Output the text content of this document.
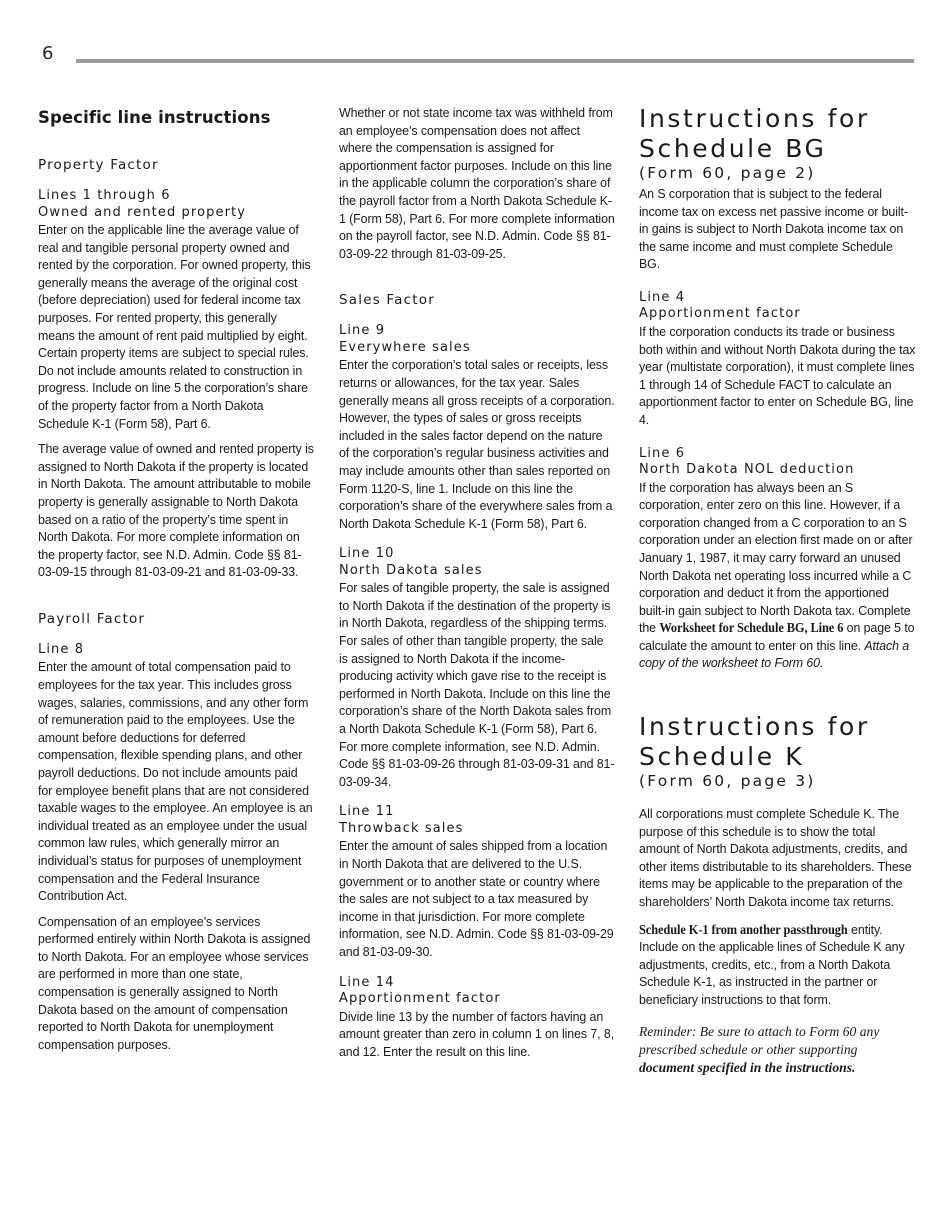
6
Specific line instructions

Property Factor

Lines 1 through 6

Owned and rented property

Enter on the applicable line the average value of real and tangible personal property owned and rented by the corporation. For owned property, this generally means the average of the original cost (before depreciation) used for federal income tax purposes. For rented property, this generally means the amount of rent paid multiplied by eight. Certain property items are subject to special rules. Do not include amounts related to construction in progress. Include on line 5 the corporation’s share of the property factor from a North Dakota Schedule K-1 (Form 58), Part 6.

The average value of owned and rented property is assigned to North Dakota if the property is located in North Dakota. The amount attributable to mobile property is generally assignable to North Dakota based on a ratio of the property’s time spent in North Dakota. For more complete information on the property factor, see N.D. Admin. Code §§ 81-03-09-15 through 81-03-09-21 and 81-03-09-33.

Payroll Factor

Line 8

Enter the amount of total compensation paid to employees for the tax year. This includes gross wages, salaries, commissions, and any other form of remuneration paid to the employees. Use the amount before deductions for deferred compensation, flexible spending plans, and other payroll deductions. Do not include amounts paid for employee benefit plans that are not considered taxable wages to the employee. An employee is an individual treated as an employee under the usual common law rules, which generally mirror an individual’s status for purposes of unemployment compensation and the Federal Insurance Contribution Act.

Compensation of an employee’s services performed entirely within North Dakota is assigned to North Dakota. For an employee whose services are performed in more than one state, compensation is generally assigned to North Dakota based on the amount of compensation reported to North Dakota for unemployment compensation purposes.

Whether or not state income tax was withheld from an employee’s compensation does not affect where the compensation is assigned for apportionment factor purposes. Include on this line in the applicable column the corporation’s share of the payroll factor from a North Dakota Schedule K-1 (Form 58), Part 6. For more complete information on the payroll factor, see N.D. Admin. Code §§ 81-03-09-22 through 81-03-09-25.

Sales Factor

Line 9

Everywhere sales

Enter the corporation’s total sales or receipts, less returns or allowances, for the tax year. Sales generally means all gross receipts of a corporation. However, the types of sales or gross receipts included in the sales factor depend on the nature of the corporation’s regular business activities and may include amounts other than sales reported on Form 1120-S, line 1. Include on this line the corporation’s share of the everywhere sales from a North Dakota Schedule K-1 (Form 58), Part 6.

Line 10

North Dakota sales

For sales of tangible property, the sale is assigned to North Dakota if the destination of the property is in North Dakota, regardless of the shipping terms. For sales of other than tangible property, the sale is assigned to North Dakota if the income-producing activity which gave rise to the receipt is performed in North Dakota. Include on this line the corporation’s share of the North Dakota sales from a North Dakota Schedule K-1 (Form 58), Part 6. For more complete information, see N.D. Admin. Code §§ 81-03-09-26 through 81-03-09-31 and 81-03-09-34.

Line 11

Throwback sales

Enter the amount of sales shipped from a location in North Dakota that are delivered to the U.S. government or to another state or country where the sales are not subject to a tax measured by income in that jurisdiction. For more complete information, see N.D. Admin. Code §§ 81-03-09-29 and 81-03-09-30.

Line 14

Apportionment factor

Divide line 13 by the number of factors having an amount greater than zero in column 1 on lines 7, 8, and 12. Enter the result on this line.

Instructions for Schedule BG

(Form 60, page 2)

An S corporation that is subject to the federal income tax on excess net passive income or built-in gains is subject to North Dakota income tax on the same income and must complete Schedule BG.

Line 4

Apportionment factor

If the corporation conducts its trade or business both within and without North Dakota during the tax year (multistate corporation), it must complete lines 1 through 14 of Schedule FACT to calculate an apportionment factor to enter on Schedule BG, line 4.

Line 6

North Dakota NOL deduction

If the corporation has always been an S corporation, enter zero on this line. However, if a corporation changed from a C corporation to an S corporation under an election first made on or after January 1, 1987, it may carry forward an unused North Dakota net operating loss incurred while a C corporation and deduct it from the apportioned built-in gain subject to North Dakota tax. Complete the Worksheet for Schedule BG, Line 6 on page 5 to calculate the amount to enter on this line. Attach a copy of the worksheet to Form 60.

Instructions for Schedule K

(Form 60, page 3)

All corporations must complete Schedule K. The purpose of this schedule is to show the total amount of North Dakota adjustments, credits, and other items distributable to its shareholders. These items may be applicable to the preparation of the shareholders’ North Dakota income tax returns.

Schedule K-1 from another passthrough entity. Include on the applicable lines of Schedule K any adjustments, credits, etc., from a North Dakota Schedule K-1, as instructed in the partner or beneficiary instructions to that form.

Reminder: Be sure to attach to Form 60 any prescribed schedule or other supporting document specified in the instructions.
